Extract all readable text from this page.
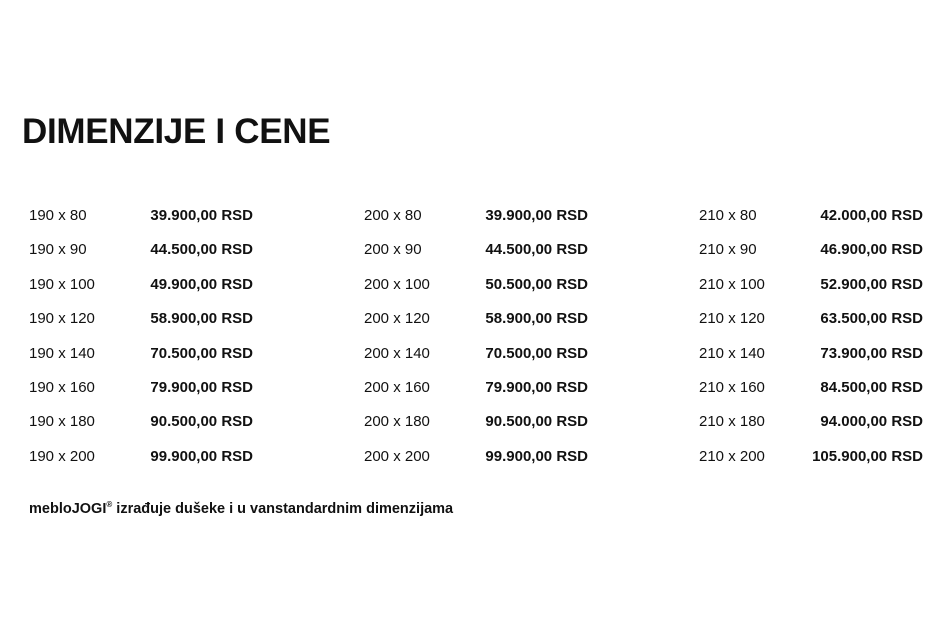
DIMENZIJE I CENE
190 x 80	39.900,00 RSD
190 x 90	44.500,00 RSD
190 x 100	49.900,00 RSD
190 x 120	58.900,00 RSD
190 x 140	70.500,00 RSD
190 x 160	79.900,00 RSD
190 x 180	90.500,00 RSD
190 x 200	99.900,00 RSD
200 x 80	39.900,00 RSD
200 x 90	44.500,00 RSD
200 x 100	50.500,00 RSD
200 x 120	58.900,00 RSD
200 x 140	70.500,00 RSD
200 x 160	79.900,00 RSD
200 x 180	90.500,00 RSD
200 x 200	99.900,00 RSD
210 x 80	42.000,00 RSD
210 x 90	46.900,00 RSD
210 x 100	52.900,00 RSD
210 x 120	63.500,00 RSD
210 x 140	73.900,00 RSD
210 x 160	84.500,00 RSD
210 x 180	94.000,00 RSD
210 x 200	105.900,00 RSD

mebloJOGI® izrađuje dušeke i u vanstandardnim dimenzijama
